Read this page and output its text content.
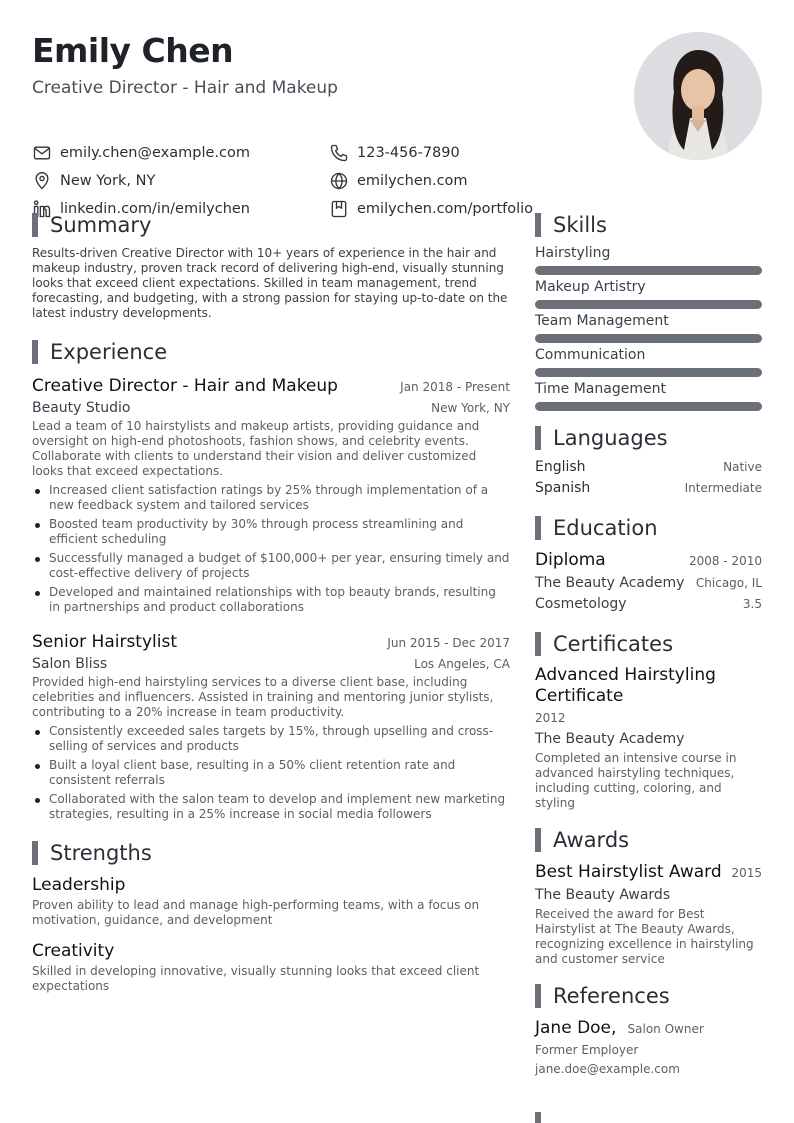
Emily Chen
Creative Director - Hair and Makeup
emily.chen@example.com
New York, NY
linkedin.com/in/emilychen
123-456-7890
emilychen.com
emilychen.com/portfolio
Summary
Results-driven Creative Director with 10+ years of experience in the hair and makeup industry, proven track record of delivering high-end, visually stunning looks that exceed client expectations. Skilled in team management, trend forecasting, and budgeting, with a strong passion for staying up-to-date on the latest industry developments.
Experience
Creative Director - Hair and Makeup	Jan 2018 - Present
Beauty Studio	New York, NY
Lead a team of 10 hairstylists and makeup artists, providing guidance and oversight on high-end photoshoots, fashion shows, and celebrity events. Collaborate with clients to understand their vision and deliver customized looks that exceed expectations.
Increased client satisfaction ratings by 25% through implementation of a new feedback system and tailored services
Boosted team productivity by 30% through process streamlining and efficient scheduling
Successfully managed a budget of $100,000+ per year, ensuring timely and cost-effective delivery of projects
Developed and maintained relationships with top beauty brands, resulting in partnerships and product collaborations
Senior Hairstylist	Jun 2015 - Dec 2017
Salon Bliss	Los Angeles, CA
Provided high-end hairstyling services to a diverse client base, including celebrities and influencers. Assisted in training and mentoring junior stylists, contributing to a 20% increase in team productivity.
Consistently exceeded sales targets by 15%, through upselling and cross-selling of services and products
Built a loyal client base, resulting in a 50% client retention rate and consistent referrals
Collaborated with the salon team to develop and implement new marketing strategies, resulting in a 25% increase in social media followers
Strengths
Leadership
Proven ability to lead and manage high-performing teams, with a focus on motivation, guidance, and development
Creativity
Skilled in developing innovative, visually stunning looks that exceed client expectations
Skills
Hairstyling
Makeup Artistry
Team Management
Communication
Time Management
Languages
English	Native
Spanish	Intermediate
Education
Diploma	2008 - 2010
The Beauty Academy Chicago, IL
Cosmetology	3.5
Certificates
Advanced Hairstyling Certificate
2012
The Beauty Academy
Completed an intensive course in advanced hairstyling techniques, including cutting, coloring, and styling
Awards
Best Hairstylist Award 2015
The Beauty Awards
Received the award for Best Hairstylist at The Beauty Awards, recognizing excellence in hairstyling and customer service
References
Jane Doe, Salon Owner
Former Employer
jane.doe@example.com
